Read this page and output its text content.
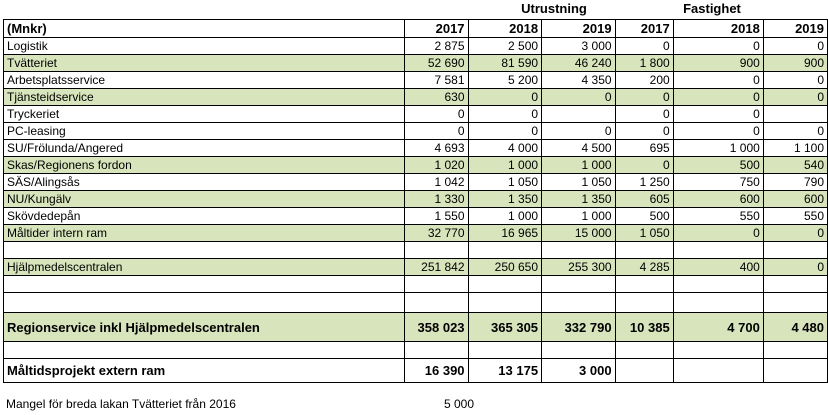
Utrustning	Fastighet
(Mnkr)	2017	2018	2019	2017	2018	2019
Logistik	2 875	2 500	3 000	0	0	0
Tvätteriet	52 690	81 590	46 240	1 800	900	900
Arbetsplatsservice	7 581	5 200	4 350	200	0	0
Tjänsteidservice	630	0	0	0	0	0
Tryckeriet	0	0		0	0	
PC-leasing	0	0	0	0	0	0
SU/Frölunda/Angered	4 693	4 000	4 500	695	1 000	1 100
Skas/Regionens fordon	1 020	1 000	1 000	0	500	540
SÄS/Alingsås	1 042	1 050	1 050	1 250	750	790
NU/Kungälv	1 330	1 350	1 350	605	600	600
Skövdedepån	1 550	1 000	1 000	500	550	550
Måltider intern ram	32 770	16 965	15 000	1 050	0	0

Hjälpmedelscentralen	251 842	250 650	255 300	4 285	400	0

Regionservice inkl Hjälpmedelscentralen	358 023	365 305	332 790	10 385	4 700	4 480

Måltidsprojekt extern ram	16 390	13 175	3 000			
Mangel för breda lakan Tvätteriet från 2016	5 000
